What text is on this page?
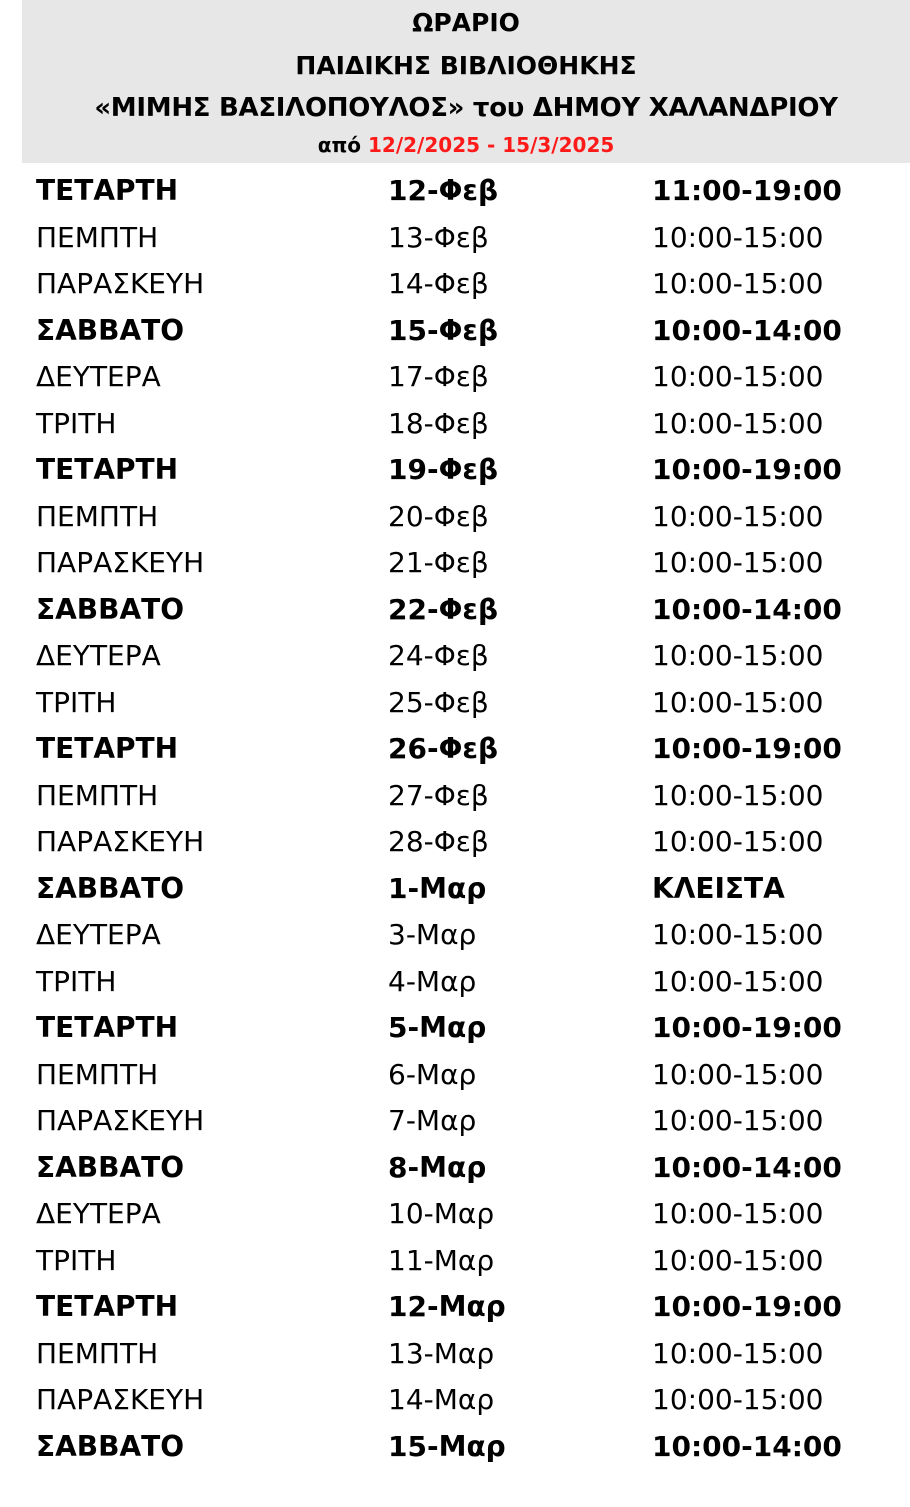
ΩΡΑΡΙΟ
ΠΑΙΔΙΚΗΣ ΒΙΒΛΙΟΘΗΚΗΣ
«ΜΙΜΗΣ ΒΑΣΙΛΟΠΟΥΛΟΣ» του ΔΗΜΟΥ ΧΑΛΑΝΔΡΙΟΥ
από 12/2/2025 - 15/3/2025
ΤΕΤΑΡΤΗ	12-Φεβ	11:00-19:00
ΠΕΜΠΤΗ	13-Φεβ	10:00-15:00
ΠΑΡΑΣΚΕΥΗ	14-Φεβ	10:00-15:00
ΣΑΒΒΑΤΟ	15-Φεβ	10:00-14:00
ΔΕΥΤΕΡΑ	17-Φεβ	10:00-15:00
ΤΡΙΤΗ	18-Φεβ	10:00-15:00
ΤΕΤΑΡΤΗ	19-Φεβ	10:00-19:00
ΠΕΜΠΤΗ	20-Φεβ	10:00-15:00
ΠΑΡΑΣΚΕΥΗ	21-Φεβ	10:00-15:00
ΣΑΒΒΑΤΟ	22-Φεβ	10:00-14:00
ΔΕΥΤΕΡΑ	24-Φεβ	10:00-15:00
ΤΡΙΤΗ	25-Φεβ	10:00-15:00
ΤΕΤΑΡΤΗ	26-Φεβ	10:00-19:00
ΠΕΜΠΤΗ	27-Φεβ	10:00-15:00
ΠΑΡΑΣΚΕΥΗ	28-Φεβ	10:00-15:00
ΣΑΒΒΑΤΟ	1-Μαρ	ΚΛΕΙΣΤΑ
ΔΕΥΤΕΡΑ	3-Μαρ	10:00-15:00
ΤΡΙΤΗ	4-Μαρ	10:00-15:00
ΤΕΤΑΡΤΗ	5-Μαρ	10:00-19:00
ΠΕΜΠΤΗ	6-Μαρ	10:00-15:00
ΠΑΡΑΣΚΕΥΗ	7-Μαρ	10:00-15:00
ΣΑΒΒΑΤΟ	8-Μαρ	10:00-14:00
ΔΕΥΤΕΡΑ	10-Μαρ	10:00-15:00
ΤΡΙΤΗ	11-Μαρ	10:00-15:00
ΤΕΤΑΡΤΗ	12-Μαρ	10:00-19:00
ΠΕΜΠΤΗ	13-Μαρ	10:00-15:00
ΠΑΡΑΣΚΕΥΗ	14-Μαρ	10:00-15:00
ΣΑΒΒΑΤΟ	15-Μαρ	10:00-14:00
